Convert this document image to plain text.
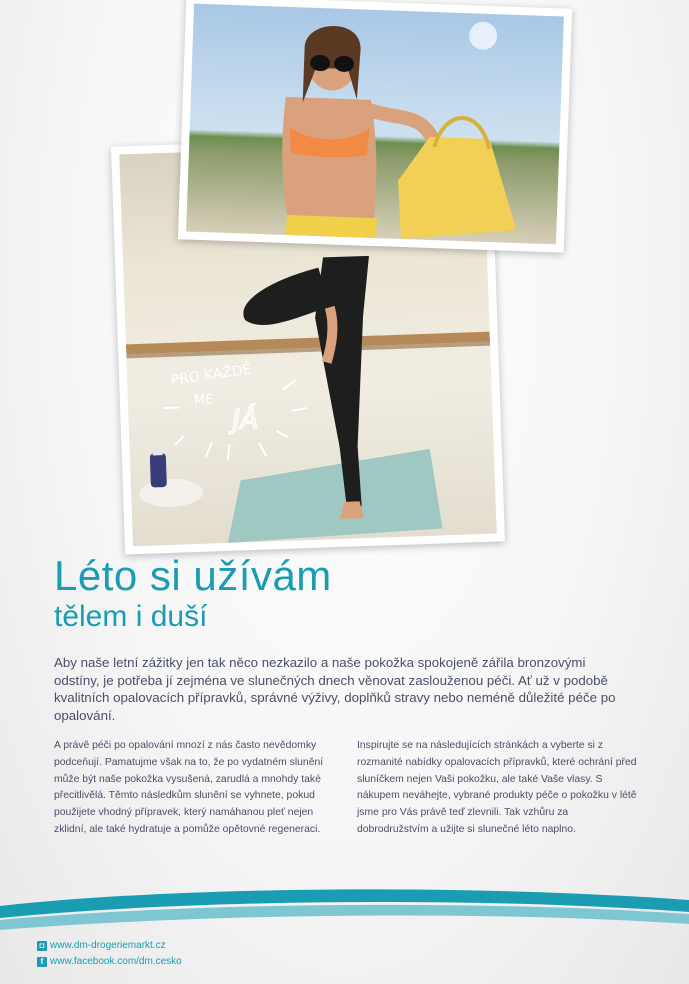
PRO KAŽDÉ
ME
JÁ
Léto si užívám
tělem i duší

Aby naše letní zážitky jen tak něco nezkazilo a naše pokožka spokojeně zářila bronzovými odstíny, je potřeba jí zejména ve slunečných dnech věnovat zaslouženou péči. Ať už v podobě kvalitních opalovacích přípravků, správné výživy, doplňků stravy nebo neméně důležité péče po opalování.

A právě péči po opalování mnozí z nás často nevědomky podceňují. Pamatujme však na to, že po vydatném slunění může být naše pokožka vysušená, zarudlá a mnohdy také přecitlivělá. Těmto následkům slunění se vyhnete, pokud použijete vhodný přípravek, který namáhanou pleť nejen zklidní, ale také hydratuje a pomůže opětovné regeneraci.

Inspirujte se na následujících stránkách a vyberte si z rozmanité nabídky opalovacích přípravků, které ochrání před sluníčkem nejen Vaši pokožku, ale také Vaše vlasy. S nákupem neváhejte, vybrané produkty péče o pokožku v létě jsme pro Vás právě teď zlevnili. Tak vzhůru za dobrodružstvím a užijte si slunečné léto naplno.

◘ www.dm-drogeriemarkt.cz
f www.facebook.com/dm.cesko
